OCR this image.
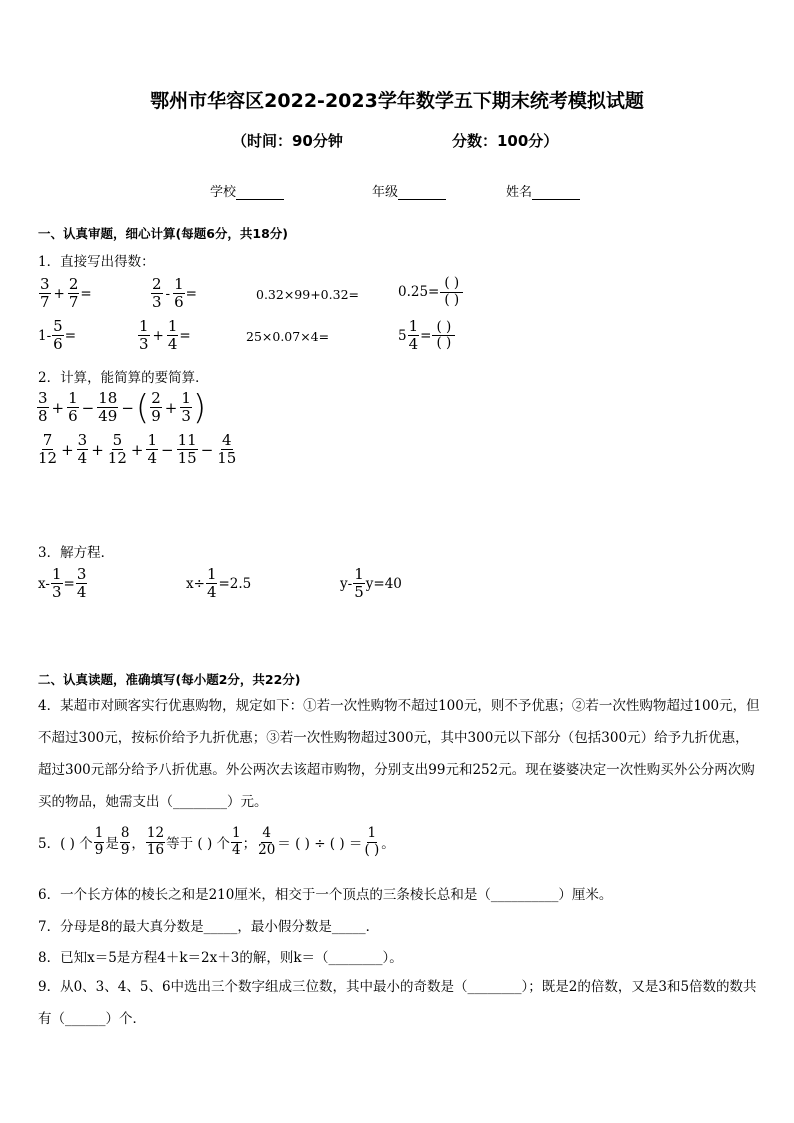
鄂州市华容区2022-2023学年数学五下期末统考模拟试题
（时间：90分钟	分数：100分）
学校	年级	姓名
一、认真审题，细心计算(每题6分，共18分)
1．直接写出得数：
$\frac{3}{7} + \frac{2}{7}$ =	$\frac{2}{3} - \frac{1}{6}$ =	0.32×99+0.32=	$0.25= \frac{( )}{( )}$
$1- \frac{5}{6}$ =	$\frac{1}{3} + \frac{1}{4}$ =	25×0.07×4=	$5 \frac{1}{4} = \frac{( )}{( )}$
2．计算，能简算的要简算．
$\frac{3}{8} + \frac{1}{6} - \frac{18}{49}$ − ( $\frac{2}{9} + \frac{1}{3}$ )
$\frac{7}{12} + \frac{3}{4} + \frac{5}{12} + \frac{1}{4} - \frac{11}{15} - \frac{4}{15}$
3．解方程．
$x- \frac{1}{3} = \frac{3}{4}$	$x\div \frac{1}{4} =2.5$	$y- \frac{1}{5} y=40$
二、认真读题，准确填写(每小题2分，共22分)
4．某超市对顾客实行优惠购物，规定如下：①若一次性购物不超过100元，则不予优惠；②若一次性购物超过100元，但不超过300元，按标价给予九折优惠；③若一次性购物超过300元，其中300元以下部分（包括300元）给予九折优惠，超过300元部分给予八折优惠。外公两次去该超市购物，分别支出99元和252元。现在婆婆决定一次性购买外公分两次购买的物品，她需支出（________）元。
5．( ) 个 $\frac{1}{9}$ 是 $\frac{8}{9}$ ， $\frac{12}{16}$ 等于 ( ) 个 $\frac{1}{4}$ ； $\frac{4}{20}$ ＝ ( ) ÷ ( ) ＝ $\frac{1}{( )}$ 。
6．一个长方体的棱长之和是210厘米，相交于一个顶点的三条棱长总和是（__________）厘米。
7．分母是8的最大真分数是_____，最小假分数是_____．
8．已知x＝5是方程4＋k＝2x＋3的解，则k＝（________）。
9．从0、3、4、5、6中选出三个数字组成三位数，其中最小的奇数是（________）；既是2的倍数，又是3和5倍数的数共有（______）个．
